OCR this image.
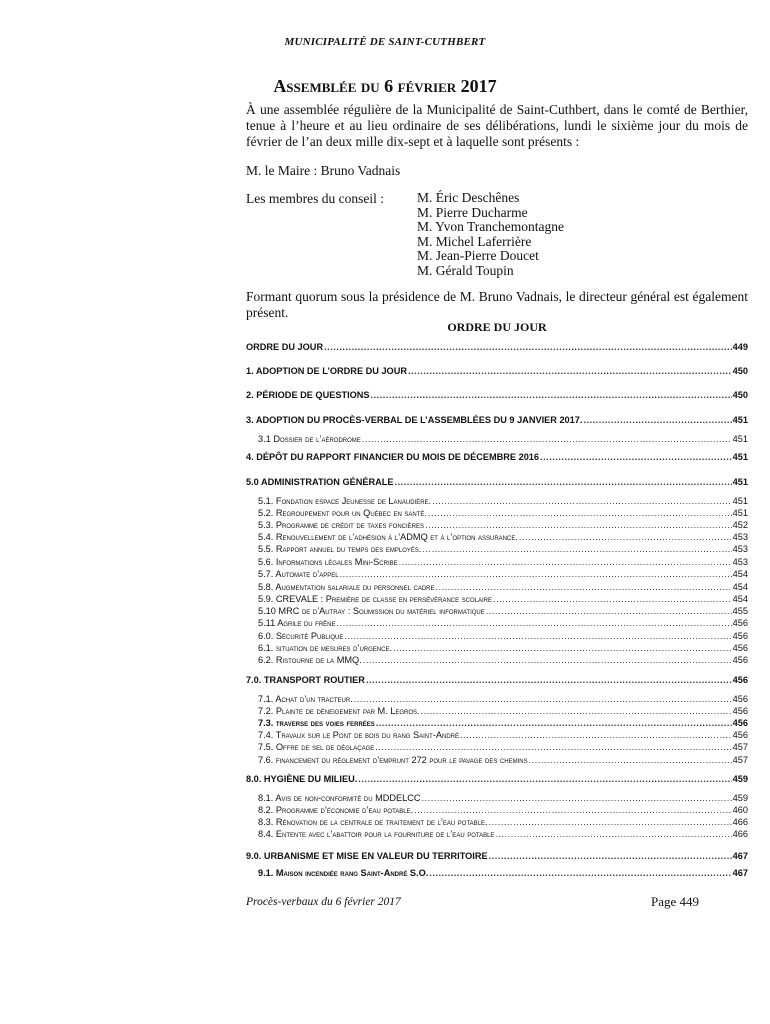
MUNICIPALITÉ DE SAINT-CUTHBERT
Assemblée du 6 février 2017
À une assemblée régulière de la Municipalité de Saint-Cuthbert, dans le comté de Berthier, tenue à l’heure et au lieu ordinaire de ses délibérations, lundi le sixième jour du mois de février de l’an deux mille dix-sept et à laquelle sont présents :
M. le Maire : Bruno Vadnais
Les membres du conseil : M. Éric Deschênes
M. Pierre Ducharme
M. Yvon Tranchemontagne
M. Michel Laferrière
M. Jean-Pierre Doucet
M. Gérald Toupin
Formant quorum sous la présidence de M. Bruno Vadnais, le directeur général est également présent.
ORDRE DU JOUR
ORDRE DU JOUR .....	449
1. ADOPTION DE L’ORDRE DU JOUR .....	450
2. PÉRIODE DE QUESTIONS .....	450
3. ADOPTION DU PROCÈS-VERBAL DE L’ASSEMBLÉES DU 9 JANVIER 2017. .....	451
3.1 Dossier de l’aérodrome .....	451
4. DÉPÔT DU RAPPORT FINANCIER DU MOIS DE DÉCEMBRE 2016 .....	451
5.0 ADMINISTRATION GÉNÉRALE .....	451
5.1. Fondation espace Jeunesse de Lanaudière. .....	451
5.2. Regroupement pour un Québec en santé. .....	451
5.3. Programme de crédit de taxes foncières .....	452
5.4. Renouvellement de l’adhésion à l’ADMQ et à l’option assurance. .....	453
5.5. Rapport annuel du temps des employés. .....	453
5.6. Informations légales Mini-Scribe .....	453
5.7. Automate d’appel .....	454
5.8. Augmentation salariale du personnel cadre .....	454
5.9. CREVALE : Première de classe en persévérance scolaire .....	454
5.10 MRC de d’Autray : Soumission du matériel informatique .....	455
5.11 Agrile du frêne .....	456
6.0. Sécurité Publique .....	456
6.1. situation de mesures d’urgence. .....	456
6.2. Ristourne de la MMQ. .....	456
7.0. TRANSPORT ROUTIER .....	456
7.1. Achat d’un tracteur. .....	456
7.2. Plainte de déneigement par M. Legros. .....	456
7.3. traverse des voies ferrées .....	456
7.4. Travaux sur le Pont de bois du rang Saint-André .....	456
7.5. Offre de sel de déglaçage .....	457
7.6. financement du règlement d’emprunt 272 pour le pavage des chemins .....	457
8.0. HYGIÈNE DU MILIEU. .....	459
8.1. Avis de non-conformité du MDDELCC .....	459
8.2. Programme d’économie d’eau potable. .....	460
8.3. Rénovation de la centrale de traitement de l’eau potable. .....	466
8.4. Entente avec l’abattoir pour la fourniture de l’eau potable .....	466
9.0. URBANISME ET MISE EN VALEUR DU TERRITOIRE .....	467
9.1. Maison incendiée rang Saint-André S.O. .....	467
Procès-verbaux du 6 février 2017	Page 449
